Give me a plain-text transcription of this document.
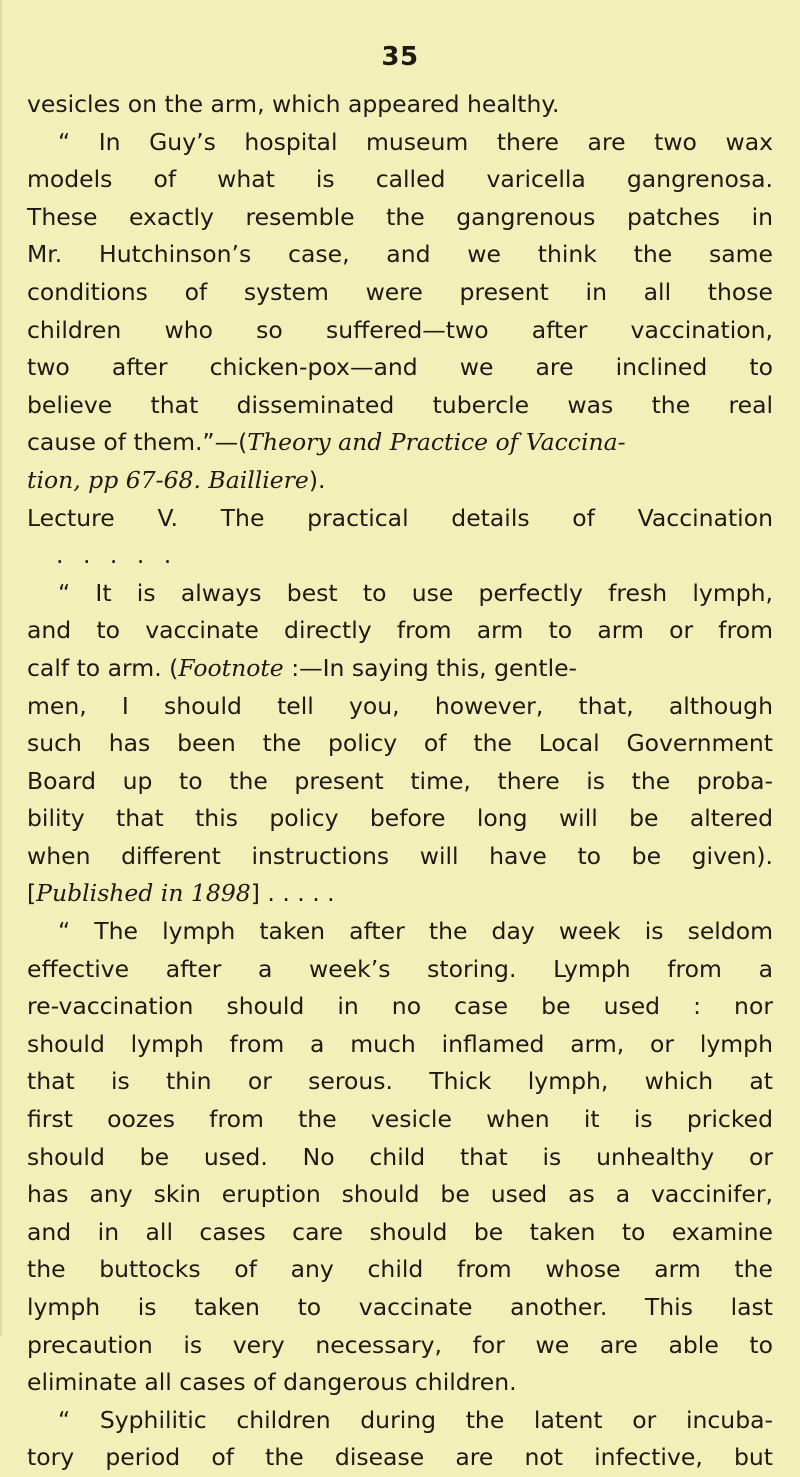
35
vesicles on the arm, which appeared healthy.
“ In Guy’s hospital museum there are two wax
models of what is called varicella gangrenosa.
These exactly resemble the gangrenous patches in
Mr. Hutchinson’s case, and we think the same
conditions of system were present in all those
children who so suffered—two after vaccination,
two after chicken-pox—and we are inclined to
believe that disseminated tubercle was the real
cause of them.”—(Theory and Practice of Vaccina-
tion, pp 67-68. Bailliere).
Lecture V. The practical details of Vaccination
. . . . .
“ It is always best to use perfectly fresh lymph,
and to vaccinate directly from arm to arm or from
calf to arm. (Footnote :—In saying this, gentle-
men, I should tell you, however, that, although
such has been the policy of the Local Government
Board up to the present time, there is the proba-
bility that this policy before long will be altered
when different instructions will have to be given).
[Published in 1898] . . . . .
“ The lymph taken after the day week is seldom
effective after a week’s storing. Lymph from a
re-vaccination should in no case be used : nor
should lymph from a much inflamed arm, or lymph
that is thin or serous. Thick lymph, which at
first oozes from the vesicle when it is pricked
should be used. No child that is unhealthy or
has any skin eruption should be used as a vaccinifer,
and in all cases care should be taken to examine
the buttocks of any child from whose arm the
lymph is taken to vaccinate another. This last
precaution is very necessary, for we are able to
eliminate all cases of dangerous children.
“ Syphilitic children during the latent or incuba-
tory period of the disease are not infective, but
